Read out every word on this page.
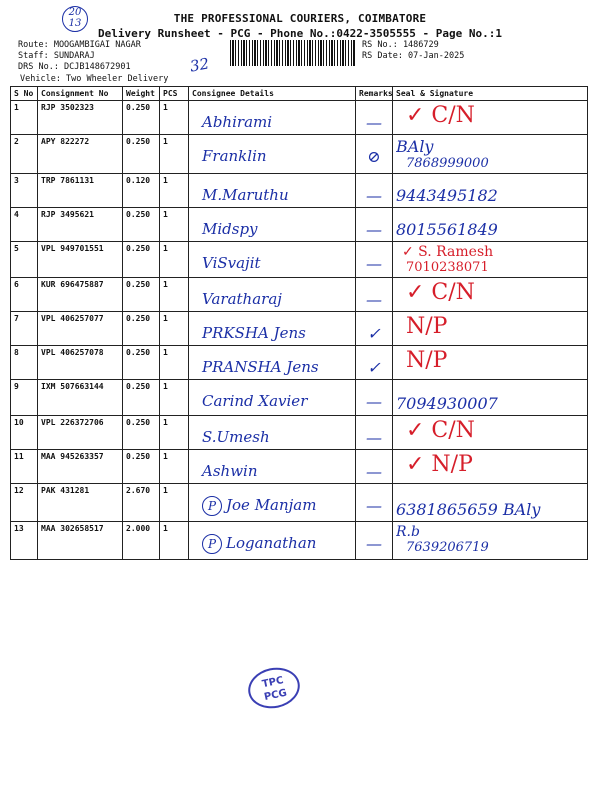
20 13	THE PROFESSIONAL COURIERS, COIMBATORE
Delivery Runsheet - PCG - Phone No.:0422-3505555 - Page No.:1
Route: MOOGAMBIGAI NAGAR
Staff: SUNDARAJ
DRS No.: DCJB148672901
RS No.: 1486729
RS Date: 07-Jan-2025
32
Vehicle: Two Wheeler Delivery
S No	Consignment No	Weight	PCS	Consignee Details	Remarks	Seal & Signature
1	RJP 3502323	0.250	1	Abhirami	—	✓ C/N

2	APY 822272	0.250	1	Franklin	⊘	BAly
7868999000

3	TRP 7861131	0.120	1	M.Maruthu	—	9443495182

4	RJP 3495621	0.250	1	Midspy	—	8015561849

5	VPL 949701551	0.250	1	ViSvajit	—	✓ S. Ramesh
7010238071

6	KUR 696475887	0.250	1	Varatharaj	—	✓ C/N

7	VPL 406257077	0.250	1	PRKSHA Jens	✓	N/P

8	VPL 406257078	0.250	1	PRANSHA Jens	✓	N/P

9	IXM 507663144	0.250	1	Carind Xavier	—	7094930007

10	VPL 226372706	0.250	1	S.Umesh	—	✓ C/N

11	MAA 945263357	0.250	1	Ashwin	—	✓ N/P

12	PAK 431281	2.670	1	P Joe Manjam	—	6381865659 BAly

13	MAA 302658517	2.000	1	P Loganathan	—	R.b
7639206719
TPC
PCG
